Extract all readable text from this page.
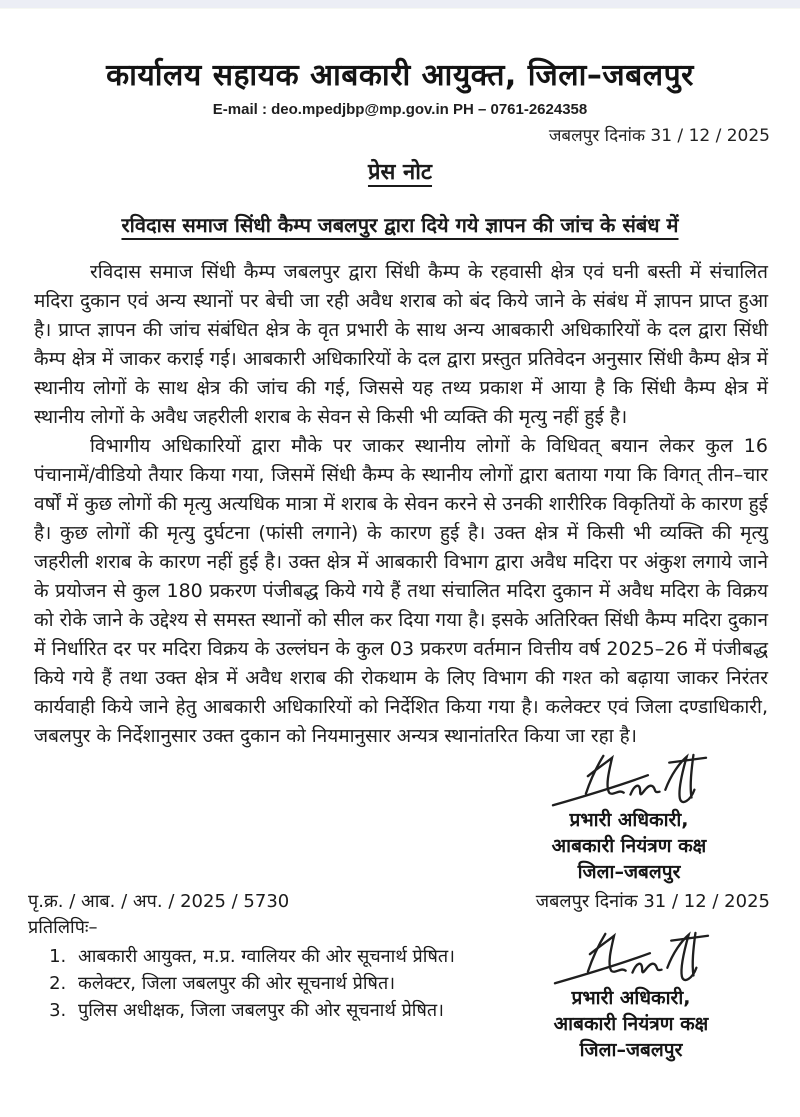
कार्यालय सहायक आबकारी आयुक्त, जिला–जबलपुर
E-mail : deo.mpedjbp@mp.gov.in PH – 0761-2624358
जबलपुर दिनांक 31 / 12 / 2025
प्रेस नोट
रविदास समाज सिंधी कैम्प जबलपुर द्वारा दिये गये ज्ञापन की जांच के संबंध में

रविदास समाज सिंधी कैम्प जबलपुर द्वारा सिंधी कैम्प के रहवासी क्षेत्र एवं घनी बस्ती में संचालित मदिरा दुकान एवं अन्य स्थानों पर बेची जा रही अवैध शराब को बंद किये जाने के संबंध में ज्ञापन प्राप्त हुआ है। प्राप्त ज्ञापन की जांच संबंधित क्षेत्र के वृत प्रभारी के साथ अन्य आबकारी अधिकारियों के दल द्वारा सिंधी कैम्प क्षेत्र में जाकर कराई गई। आबकारी अधिकारियों के दल द्वारा प्रस्तुत प्रतिवेदन अनुसार सिंधी कैम्प क्षेत्र में स्थानीय लोगों के साथ क्षेत्र की जांच की गई, जिससे यह तथ्य प्रकाश में आया है कि सिंधी कैम्प क्षेत्र में स्थानीय लोगों के अवैध जहरीली शराब के सेवन से किसी भी व्यक्ति की मृत्यु नहीं हुई है।

विभागीय अधिकारियों द्वारा मौके पर जाकर स्थानीय लोगों के विधिवत् बयान लेकर कुल 16 पंचानामें/वीडियो तैयार किया गया, जिसमें सिंधी कैम्प के स्थानीय लोगों द्वारा बताया गया कि विगत् तीन–चार वर्षों में कुछ लोगों की मृत्यु अत्यधिक मात्रा में शराब के सेवन करने से उनकी शारीरिक विकृतियों के कारण हुई है। कुछ लोगों की मृत्यु दुर्घटना (फांसी लगाने) के कारण हुई है। उक्त क्षेत्र में किसी भी व्यक्ति की मृत्यु जहरीली शराब के कारण नहीं हुई है। उक्त क्षेत्र में आबकारी विभाग द्वारा अवैध मदिरा पर अंकुश लगाये जाने के प्रयोजन से कुल 180 प्रकरण पंजीबद्ध किये गये हैं तथा संचालित मदिरा दुकान में अवैध मदिरा के विक्रय को रोके जाने के उद्देश्य से समस्त स्थानों को सील कर दिया गया है। इसके अतिरिक्त सिंधी कैम्प मदिरा दुकान में निर्धारित दर पर मदिरा विक्रय के उल्लंघन के कुल 03 प्रकरण वर्तमान वित्तीय वर्ष 2025–26 में पंजीबद्ध किये गये हैं तथा उक्त क्षेत्र में अवैध शराब की रोकथाम के लिए विभाग की गश्त को बढ़ाया जाकर निरंतर कार्यवाही किये जाने हेतु आबकारी अधिकारियों को निर्देशित किया गया है। कलेक्टर एवं जिला दण्डाधिकारी, जबलपुर के निर्देशानुसार उक्त दुकान को नियमानुसार अन्यत्र स्थानांतरित किया जा रहा है।

प्रभारी अधिकारी,
आबकारी नियंत्रण कक्ष
जिला–जबलपुर
पृ.क्र. / आब. / अप. / 2025 / 5730	जबलपुर दिनांक 31 / 12 / 2025
प्रतिलिपिः–
1. आबकारी आयुक्त, म.प्र. ग्वालियर की ओर सूचनार्थ प्रेषित।
2. कलेक्टर, जिला जबलपुर की ओर सूचनार्थ प्रेषित।
3. पुलिस अधीक्षक, जिला जबलपुर की ओर सूचनार्थ प्रेषित।
प्रभारी अधिकारी,
आबकारी नियंत्रण कक्ष
जिला–जबलपुर
